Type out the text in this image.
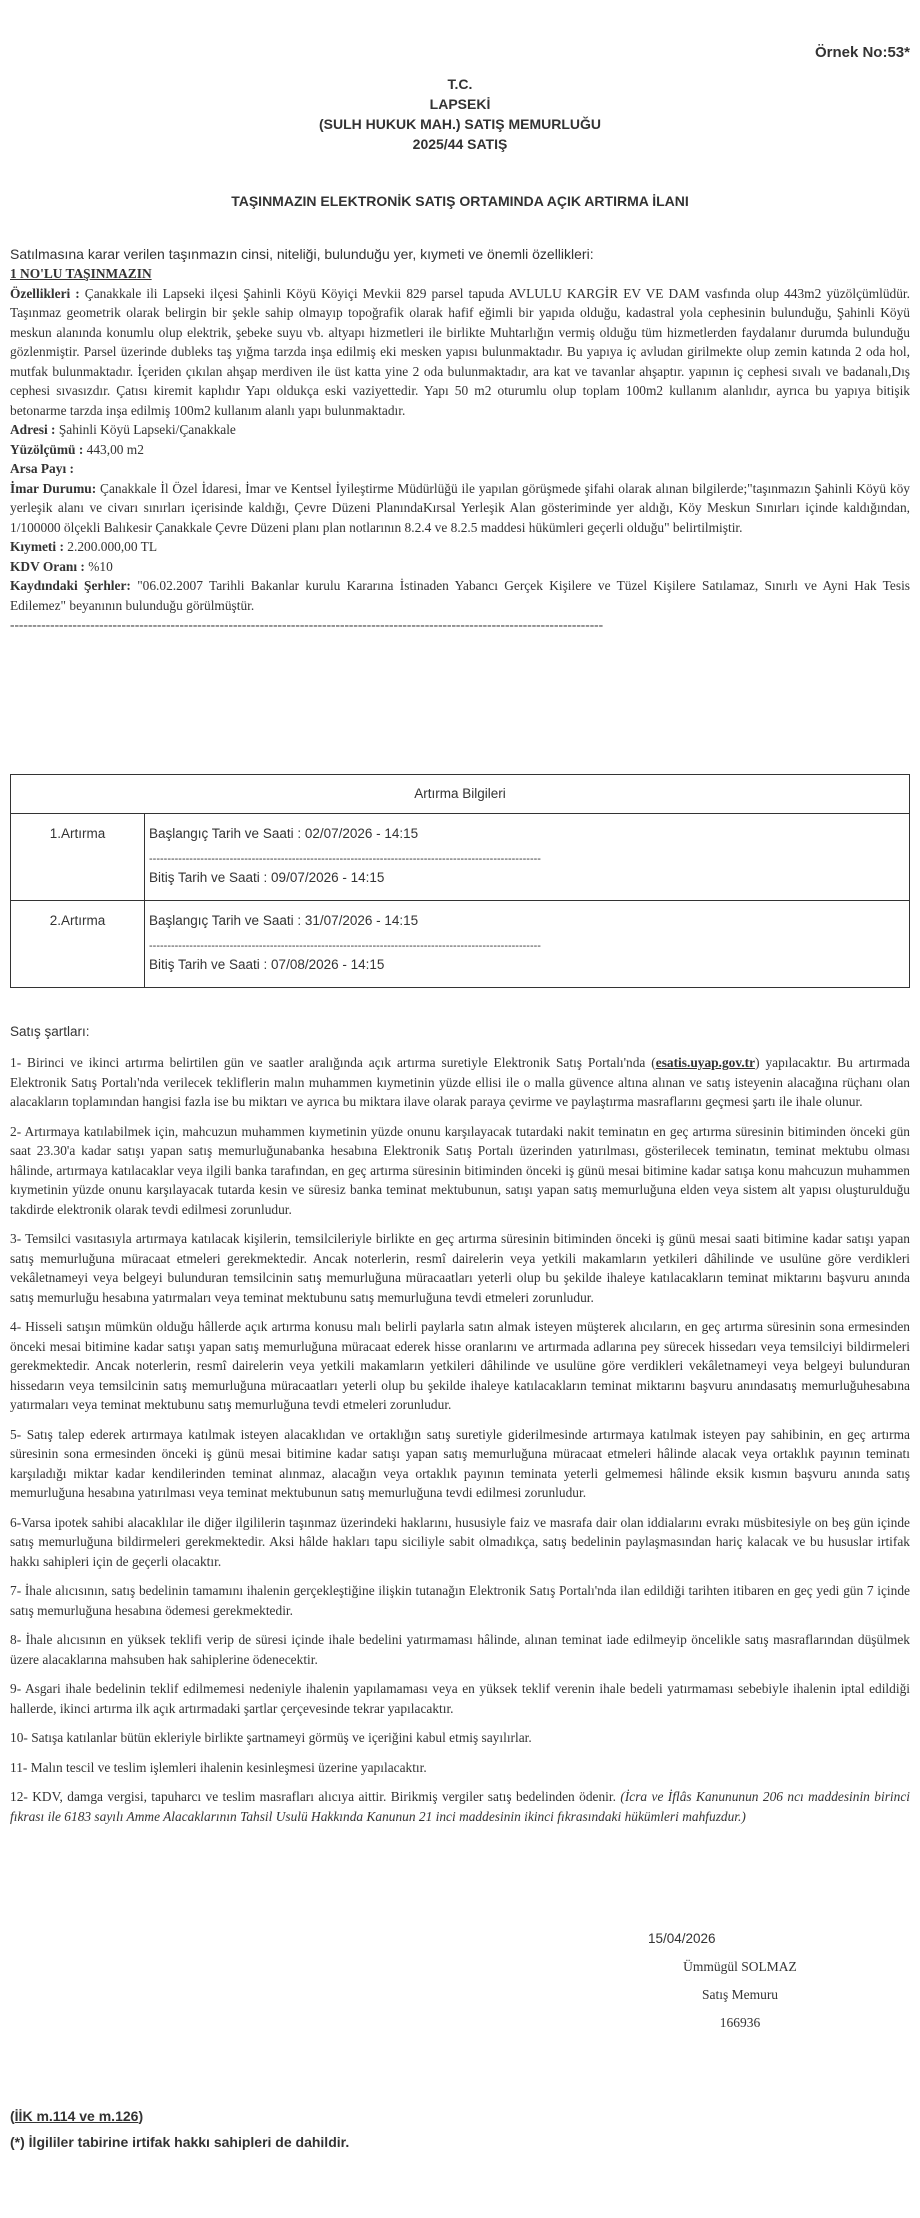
Örnek No:53*
T.C.
LAPSEKİ
(SULH HUKUK MAH.) SATIŞ MEMURLUĞU
2025/44 SATIŞ
TAŞINMAZIN ELEKTRONİK SATIŞ ORTAMINDA AÇIK ARTIRMA İLANI
Satılmasına karar verilen taşınmazın cinsi, niteliği, bulunduğu yer, kıymeti ve önemli özellikleri:
1 NO'LU TAŞINMAZIN
Özellikleri : Çanakkale ili Lapseki ilçesi Şahinli Köyü Köyiçi Mevkii 829 parsel tapuda AVLULU KARGİR EV VE DAM vasfında olup 443m2 yüzölçümlüdür. Taşınmaz geometrik olarak belirgin bir şekle sahip olmayıp topoğrafik olarak hafif eğimli bir yapıda olduğu, kadastral yola cephesinin bulunduğu, Şahinli Köyü meskun alanında konumlu olup elektrik, şebeke suyu vb. altyapı hizmetleri ile birlikte Muhtarlığın vermiş olduğu tüm hizmetlerden faydalanır durumda bulunduğu gözlenmiştir. Parsel üzerinde dubleks taş yığma tarzda inşa edilmiş eki mesken yapısı bulunmaktadır. Bu yapıya iç avludan girilmekte olup zemin katında 2 oda hol, mutfak bulunmaktadır. İçeriden çıkılan ahşap merdiven ile üst katta yine 2 oda bulunmaktadır, ara kat ve tavanlar ahşaptır. yapının iç cephesi sıvalı ve badanalı,Dış cephesi sıvasızdır. Çatısı kiremit kaplıdır Yapı oldukça eski vaziyettedir. Yapı 50 m2 oturumlu olup toplam 100m2 kullanım alanlıdır, ayrıca bu yapıya bitişik betonarme tarzda inşa edilmiş 100m2 kullanım alanlı yapı bulunmaktadır.
Adresi : Şahinli Köyü Lapseki/Çanakkale
Yüzölçümü : 443,00 m2
Arsa Payı :
İmar Durumu: Çanakkale İl Özel İdaresi, İmar ve Kentsel İyileştirme Müdürlüğü ile yapılan görüşmede şifahi olarak alınan bilgilerde;"taşınmazın Şahinli Köyü köy yerleşik alanı ve civarı sınırları içerisinde kaldığı, Çevre Düzeni PlanındaKırsal Yerleşik Alan gösteriminde yer aldığı, Köy Meskun Sınırları içinde kaldığından, 1/100000 ölçekli Balıkesir Çanakkale Çevre Düzeni planı plan notlarının 8.2.4 ve 8.2.5 maddesi hükümleri geçerli olduğu" belirtilmiştir.
Kıymeti : 2.200.000,00 TL
KDV Oranı : %10
Kaydındaki Şerhler: "06.02.2007 Tarihli Bakanlar kurulu Kararına İstinaden Yabancı Gerçek Kişilere ve Tüzel Kişilere Satılamaz, Sınırlı ve Ayni Hak Tesis Edilemez" beyanının bulunduğu görülmüştür.
-------------------------------------------------------------------------------------------------------------------------------------
Artırma Bilgileri
1.Artırma	Başlangıç Tarih ve Saati : 02/07/2026 - 14:15
-----------------------------------------------------------------------------------------------------------
Bitiş Tarih ve Saati : 09/07/2026 - 14:15
2.Artırma	Başlangıç Tarih ve Saati : 31/07/2026 - 14:15
-----------------------------------------------------------------------------------------------------------
Bitiş Tarih ve Saati : 07/08/2026 - 14:15
Satış şartları:
1- Birinci ve ikinci artırma belirtilen gün ve saatler aralığında açık artırma suretiyle Elektronik Satış Portalı'nda (esatis.uyap.gov.tr) yapılacaktır. Bu artırmada Elektronik Satış Portalı'nda verilecek tekliflerin malın muhammen kıymetinin yüzde ellisi ile o malla güvence altına alınan ve satış isteyenin alacağına rüçhanı olan alacakların toplamından hangisi fazla ise bu miktarı ve ayrıca bu miktara ilave olarak paraya çevirme ve paylaştırma masraflarını geçmesi şartı ile ihale olunur.
2- Artırmaya katılabilmek için, mahcuzun muhammen kıymetinin yüzde onunu karşılayacak tutardaki nakit teminatın en geç artırma süresinin bitiminden önceki gün saat 23.30'a kadar satışı yapan satış memurluğunabanka hesabına Elektronik Satış Portalı üzerinden yatırılması, gösterilecek teminatın, teminat mektubu olması hâlinde, artırmaya katılacaklar veya ilgili banka tarafından, en geç artırma süresinin bitiminden önceki iş günü mesai bitimine kadar satışa konu mahcuzun muhammen kıymetinin yüzde onunu karşılayacak tutarda kesin ve süresiz banka teminat mektubunun, satışı yapan satış memurluğuna elden veya sistem alt yapısı oluşturulduğu takdirde elektronik olarak tevdi edilmesi zorunludur.
3- Temsilci vasıtasıyla artırmaya katılacak kişilerin, temsilcileriyle birlikte en geç artırma süresinin bitiminden önceki iş günü mesai saati bitimine kadar satışı yapan satış memurluğuna müracaat etmeleri gerekmektedir. Ancak noterlerin, resmî dairelerin veya yetkili makamların yetkileri dâhilinde ve usulüne göre verdikleri vekâletnameyi veya belgeyi bulunduran temsilcinin satış memurluğuna müracaatları yeterli olup bu şekilde ihaleye katılacakların teminat miktarını başvuru anında satış memurluğu hesabına yatırmaları veya teminat mektubunu satış memurluğuna tevdi etmeleri zorunludur.
4- Hisseli satışın mümkün olduğu hâllerde açık artırma konusu malı belirli paylarla satın almak isteyen müşterek alıcıların, en geç artırma süresinin sona ermesinden önceki mesai bitimine kadar satışı yapan satış memurluğuna müracaat ederek hisse oranlarını ve artırmada adlarına pey sürecek hissedarı veya temsilciyi bildirmeleri gerekmektedir. Ancak noterlerin, resmî dairelerin veya yetkili makamların yetkileri dâhilinde ve usulüne göre verdikleri vekâletnameyi veya belgeyi bulunduran hissedarın veya temsilcinin satış memurluğuna müracaatları yeterli olup bu şekilde ihaleye katılacakların teminat miktarını başvuru anındasatış memurluğuhesabına yatırmaları veya teminat mektubunu satış memurluğuna tevdi etmeleri zorunludur.
5- Satış talep ederek artırmaya katılmak isteyen alacaklıdan ve ortaklığın satış suretiyle giderilmesinde artırmaya katılmak isteyen pay sahibinin, en geç artırma süresinin sona ermesinden önceki iş günü mesai bitimine kadar satışı yapan satış memurluğuna müracaat etmeleri hâlinde alacak veya ortaklık payının teminatı karşıladığı miktar kadar kendilerinden teminat alınmaz, alacağın veya ortaklık payının teminata yeterli gelmemesi hâlinde eksik kısmın başvuru anında satış memurluğuna hesabına yatırılması veya teminat mektubunun satış memurluğuna tevdi edilmesi zorunludur.
6-Varsa ipotek sahibi alacaklılar ile diğer ilgililerin taşınmaz üzerindeki haklarını, hususiyle faiz ve masrafa dair olan iddialarını evrakı müsbitesiyle on beş gün içinde satış memurluğuna bildirmeleri gerekmektedir. Aksi hâlde hakları tapu siciliyle sabit olmadıkça, satış bedelinin paylaşmasından hariç kalacak ve bu hususlar irtifak hakkı sahipleri için de geçerli olacaktır.
7- İhale alıcısının, satış bedelinin tamamını ihalenin gerçekleştiğine ilişkin tutanağın Elektronik Satış Portalı'nda ilan edildiği tarihten itibaren en geç yedi gün 7 içinde satış memurluğuna hesabına ödemesi gerekmektedir.
8- İhale alıcısının en yüksek teklifi verip de süresi içinde ihale bedelini yatırmaması hâlinde, alınan teminat iade edilmeyip öncelikle satış masraflarından düşülmek üzere alacaklarına mahsuben hak sahiplerine ödenecektir.
9- Asgari ihale bedelinin teklif edilmemesi nedeniyle ihalenin yapılamaması veya en yüksek teklif verenin ihale bedeli yatırmaması sebebiyle ihalenin iptal edildiği hallerde, ikinci artırma ilk açık artırmadaki şartlar çerçevesinde tekrar yapılacaktır.
10- Satışa katılanlar bütün ekleriyle birlikte şartnameyi görmüş ve içeriğini kabul etmiş sayılırlar.
11- Malın tescil ve teslim işlemleri ihalenin kesinleşmesi üzerine yapılacaktır.
12- KDV, damga vergisi, tapuharcı ve teslim masrafları alıcıya aittir. Birikmiş vergiler satış bedelinden ödenir. (İcra ve İflâs Kanununun 206 ncı maddesinin birinci fıkrası ile 6183 sayılı Amme Alacaklarının Tahsil Usulü Hakkında Kanunun 21 inci maddesinin ikinci fıkrasındaki hükümleri mahfuzdur.)
15/04/2026
Ümmügül SOLMAZ
Satış Memuru
166936
(İİK m.114 ve m.126)
(*) İlgililer tabirine irtifak hakkı sahipleri de dahildir.
